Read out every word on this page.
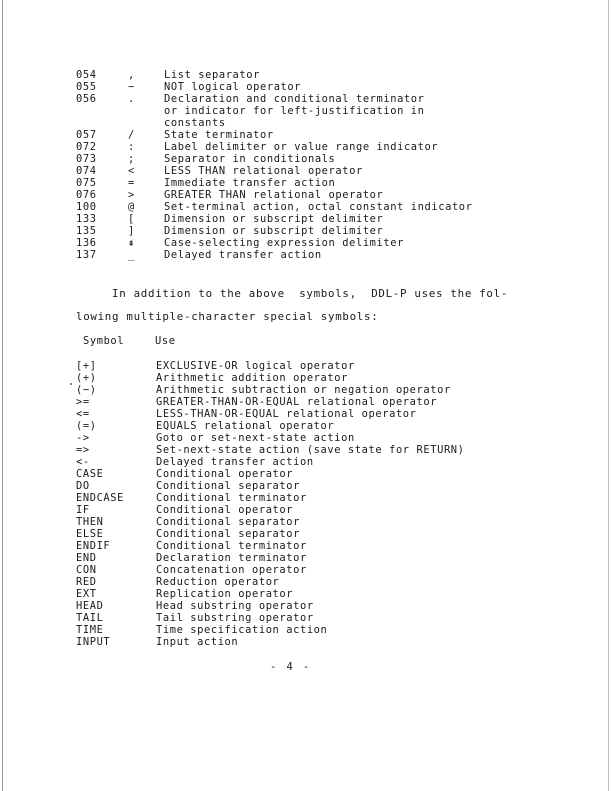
054	,	List separator
055	−	NOT logical operator
056	.	Declaration and conditional terminator
or indicator for left-justification in
constants
057	/	State terminator
072	:	Label delimiter or value range indicator
073	;	Separator in conditionals
074	<	LESS THAN relational operator
075	=	Immediate transfer action
076	>	GREATER THAN relational operator
100	@	Set-terminal action, octal constant indicator
133	[	Dimension or subscript delimiter
135	]	Dimension or subscript delimiter
136	⇞	Case-selecting expression delimiter
137	_	Delayed transfer action
In addition to the above  symbols,  DDL-P uses the fol-
lowing multiple-character special symbols:
Symbol	Use
[+]	EXCLUSIVE-OR logical operator
(+)	Arithmetic addition operator
(−)	Arithmetic subtraction or negation operator
>=	GREATER-THAN-OR-EQUAL relational operator
<=	LESS-THAN-OR-EQUAL relational operator
(=)	EQUALS relational operator
->	Goto or set-next-state action
=>	Set-next-state action (save state for RETURN)
<-	Delayed transfer action
CASE	Conditional operator
DO	Conditional separator
ENDCASE	Conditional terminator
IF	Conditional operator
THEN	Conditional separator
ELSE	Conditional separator
ENDIF	Conditional terminator
END	Declaration terminator
CON	Concatenation operator
RED	Reduction operator
EXT	Replication operator
HEAD	Head substring operator
TAIL	Tail substring operator
TIME	Time specification action
INPUT	Input action
- 4 -
